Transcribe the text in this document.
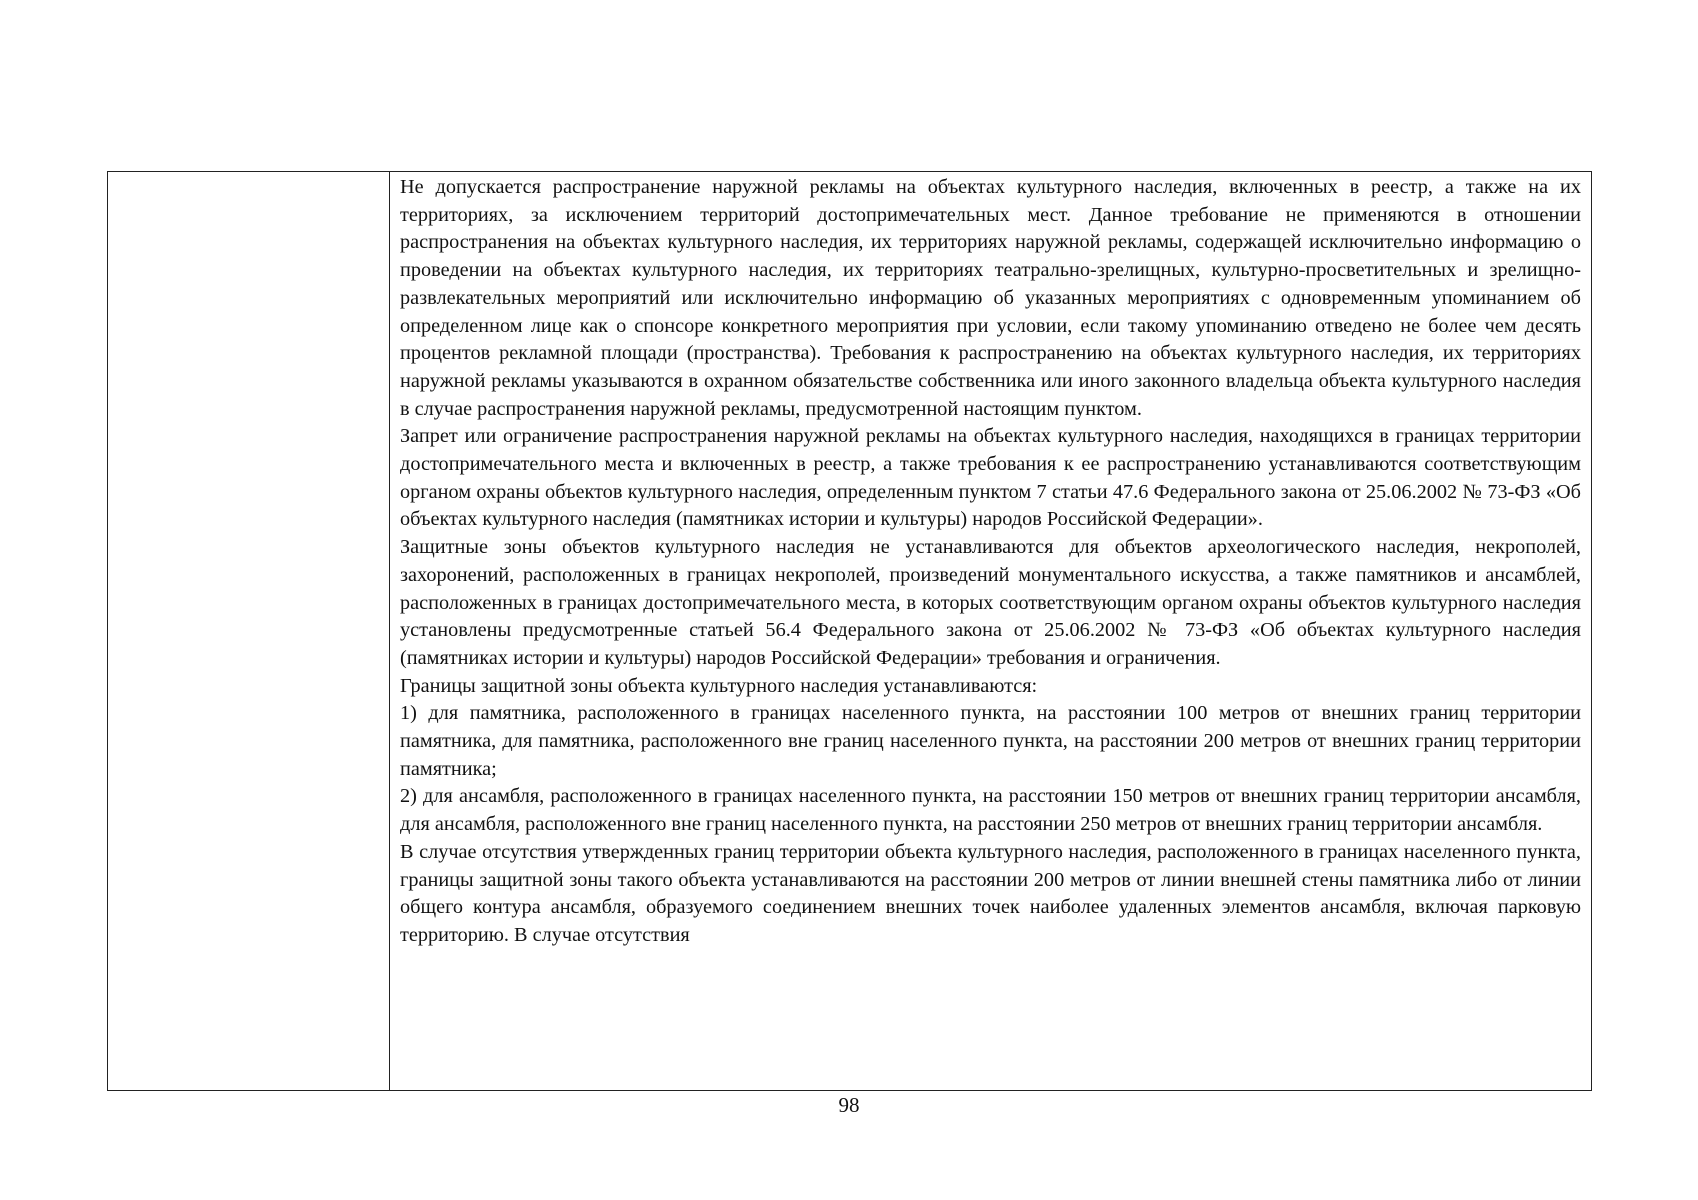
Не допускается распространение наружной рекламы на объектах культурного наследия, включенных в реестр, а также на их территориях, за исключением территорий достопримечательных мест. Данное требование не применяются в отношении распространения на объектах культурного наследия, их территориях наружной рекламы, содержащей исключительно информацию о проведении на объектах культурного наследия, их территориях театрально-зрелищных, культурно-просветительных и зрелищно-развлекательных мероприятий или исключительно информацию об указанных мероприятиях с одновременным упоминанием об определенном лице как о спонсоре конкретного мероприятия при условии, если такому упоминанию отведено не более чем десять процентов рекламной площади (пространства). Требования к распространению на объектах культурного наследия, их территориях наружной рекламы указываются в охранном обязательстве собственника или иного законного владельца объекта культурного наследия в случае распространения наружной рекламы, предусмотренной настоящим пунктом.

Запрет или ограничение распространения наружной рекламы на объектах культурного наследия, находящихся в границах территории достопримечательного места и включенных в реестр, а также требования к ее распространению устанавливаются соответствующим органом охраны объектов культурного наследия, определенным пунктом 7 статьи 47.6 Федерального закона от 25.06.2002 № 73-ФЗ «Об объектах культурного наследия (памятниках истории и культуры) народов Российской Федерации».

Защитные зоны объектов культурного наследия не устанавливаются для объектов археологического наследия, некрополей, захоронений, расположенных в границах некрополей, произведений монументального искусства, а также памятников и ансамблей, расположенных в границах достопримечательного места, в которых соответствующим органом охраны объектов культурного наследия установлены предусмотренные статьей 56.4 Федерального закона от 25.06.2002 № 73-ФЗ «Об объектах культурного наследия (памятниках истории и культуры) народов Российской Федерации» требования и ограничения.

Границы защитной зоны объекта культурного наследия устанавливаются:

1) для памятника, расположенного в границах населенного пункта, на расстоянии 100 метров от внешних границ территории памятника, для памятника, расположенного вне границ населенного пункта, на расстоянии 200 метров от внешних границ территории памятника;

2) для ансамбля, расположенного в границах населенного пункта, на расстоянии 150 метров от внешних границ территории ансамбля, для ансамбля, расположенного вне границ населенного пункта, на расстоянии 250 метров от внешних границ территории ансамбля.

В случае отсутствия утвержденных границ территории объекта культурного наследия, расположенного в границах населенного пункта, границы защитной зоны такого объекта устанавливаются на расстоянии 200 метров от линии внешней стены памятника либо от линии общего контура ансамбля, образуемого соединением внешних точек наиболее удаленных элементов ансамбля, включая парковую территорию. В случае отсутствия

98
